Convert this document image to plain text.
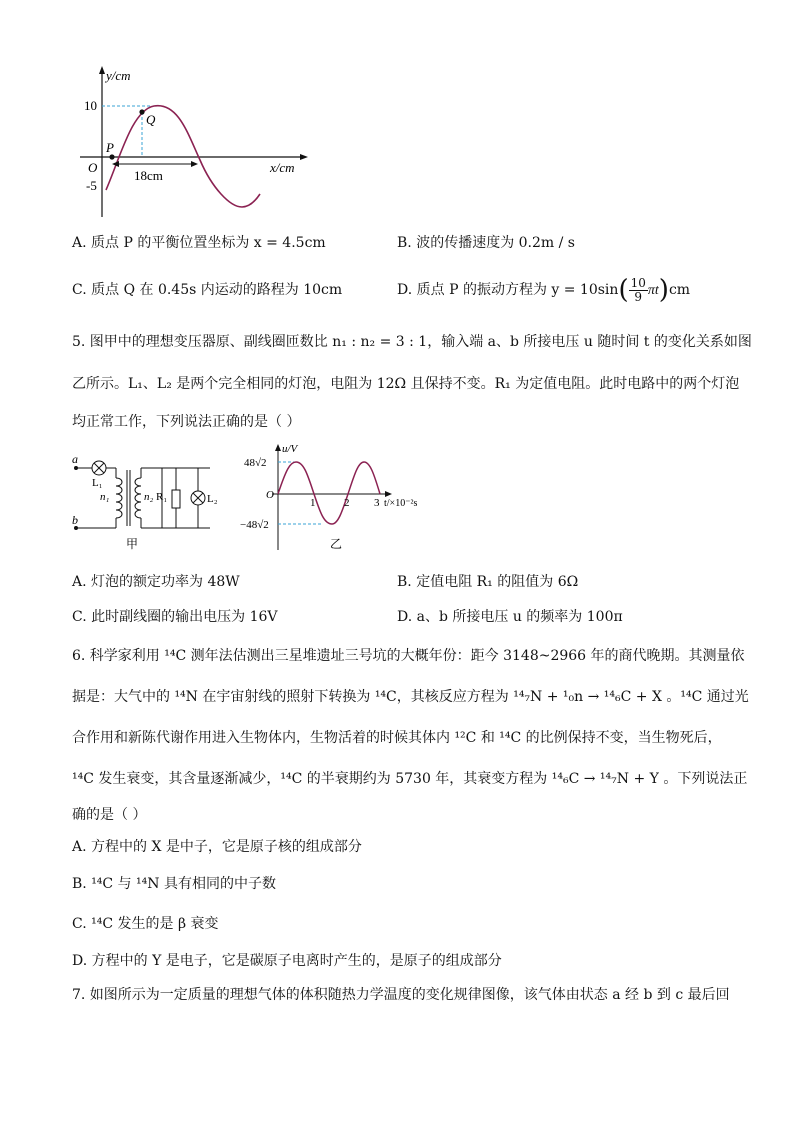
y/cm
x/cm
O
10
-5
P
Q
18cm
A. 质点 P 的平衡位置坐标为 x = 4.5cm	B. 波的传播速度为 0.2m / s
C. 质点 Q 在 0.45s 内运动的路程为 10cm	D. 质点 P 的振动方程为 $y = 10\sin( \frac{10}{9} \pi t)cm$
5. 图甲中的理想变压器原、副线圈匝数比 n₁ : n₂ = 3 : 1，输入端 a、b 所接电压 u 随时间 t 的变化关系如图
乙所示。L₁、L₂ 是两个完全相同的灯泡，电阻为 12Ω 且保持不变。R₁ 为定值电阻。此时电路中的两个灯泡
均正常工作，下列说法正确的是（ ）
a
b
L₁
n₁	n₂ R₁	L₂
甲
u/V
48√2
−48√2
O
1	2 3 t/×10⁻²s
乙
A. 灯泡的额定功率为 48W	B. 定值电阻 R₁ 的阻值为 6Ω
C. 此时副线圈的输出电压为 16V	D. a、b 所接电压 u 的频率为 100π
6. 科学家利用 ¹⁴C 测年法估测出三星堆遗址三号坑的大概年份：距今 3148~2966 年的商代晚期。其测量依
据是：大气中的 ¹⁴N 在宇宙射线的照射下转换为 ¹⁴C，其核反应方程为 ¹⁴₇N + ¹₀n → ¹⁴₆C + X 。¹⁴C 通过光
合作用和新陈代谢作用进入生物体内，生物活着的时候其体内 ¹²C 和 ¹⁴C 的比例保持不变，当生物死后，
¹⁴C 发生衰变，其含量逐渐减少，¹⁴C 的半衰期约为 5730 年，其衰变方程为 ¹⁴₆C → ¹⁴₇N + Y 。下列说法正
确的是（ ）
A. 方程中的 X 是中子，它是原子核的组成部分
B. ¹⁴C 与 ¹⁴N 具有相同的中子数
C. ¹⁴C 发生的是 β 衰变
D. 方程中的 Y 是电子，它是碳原子电离时产生的，是原子的组成部分
7. 如图所示为一定质量的理想气体的体积随热力学温度的变化规律图像，该气体由状态 a 经 b 到 c 最后回
